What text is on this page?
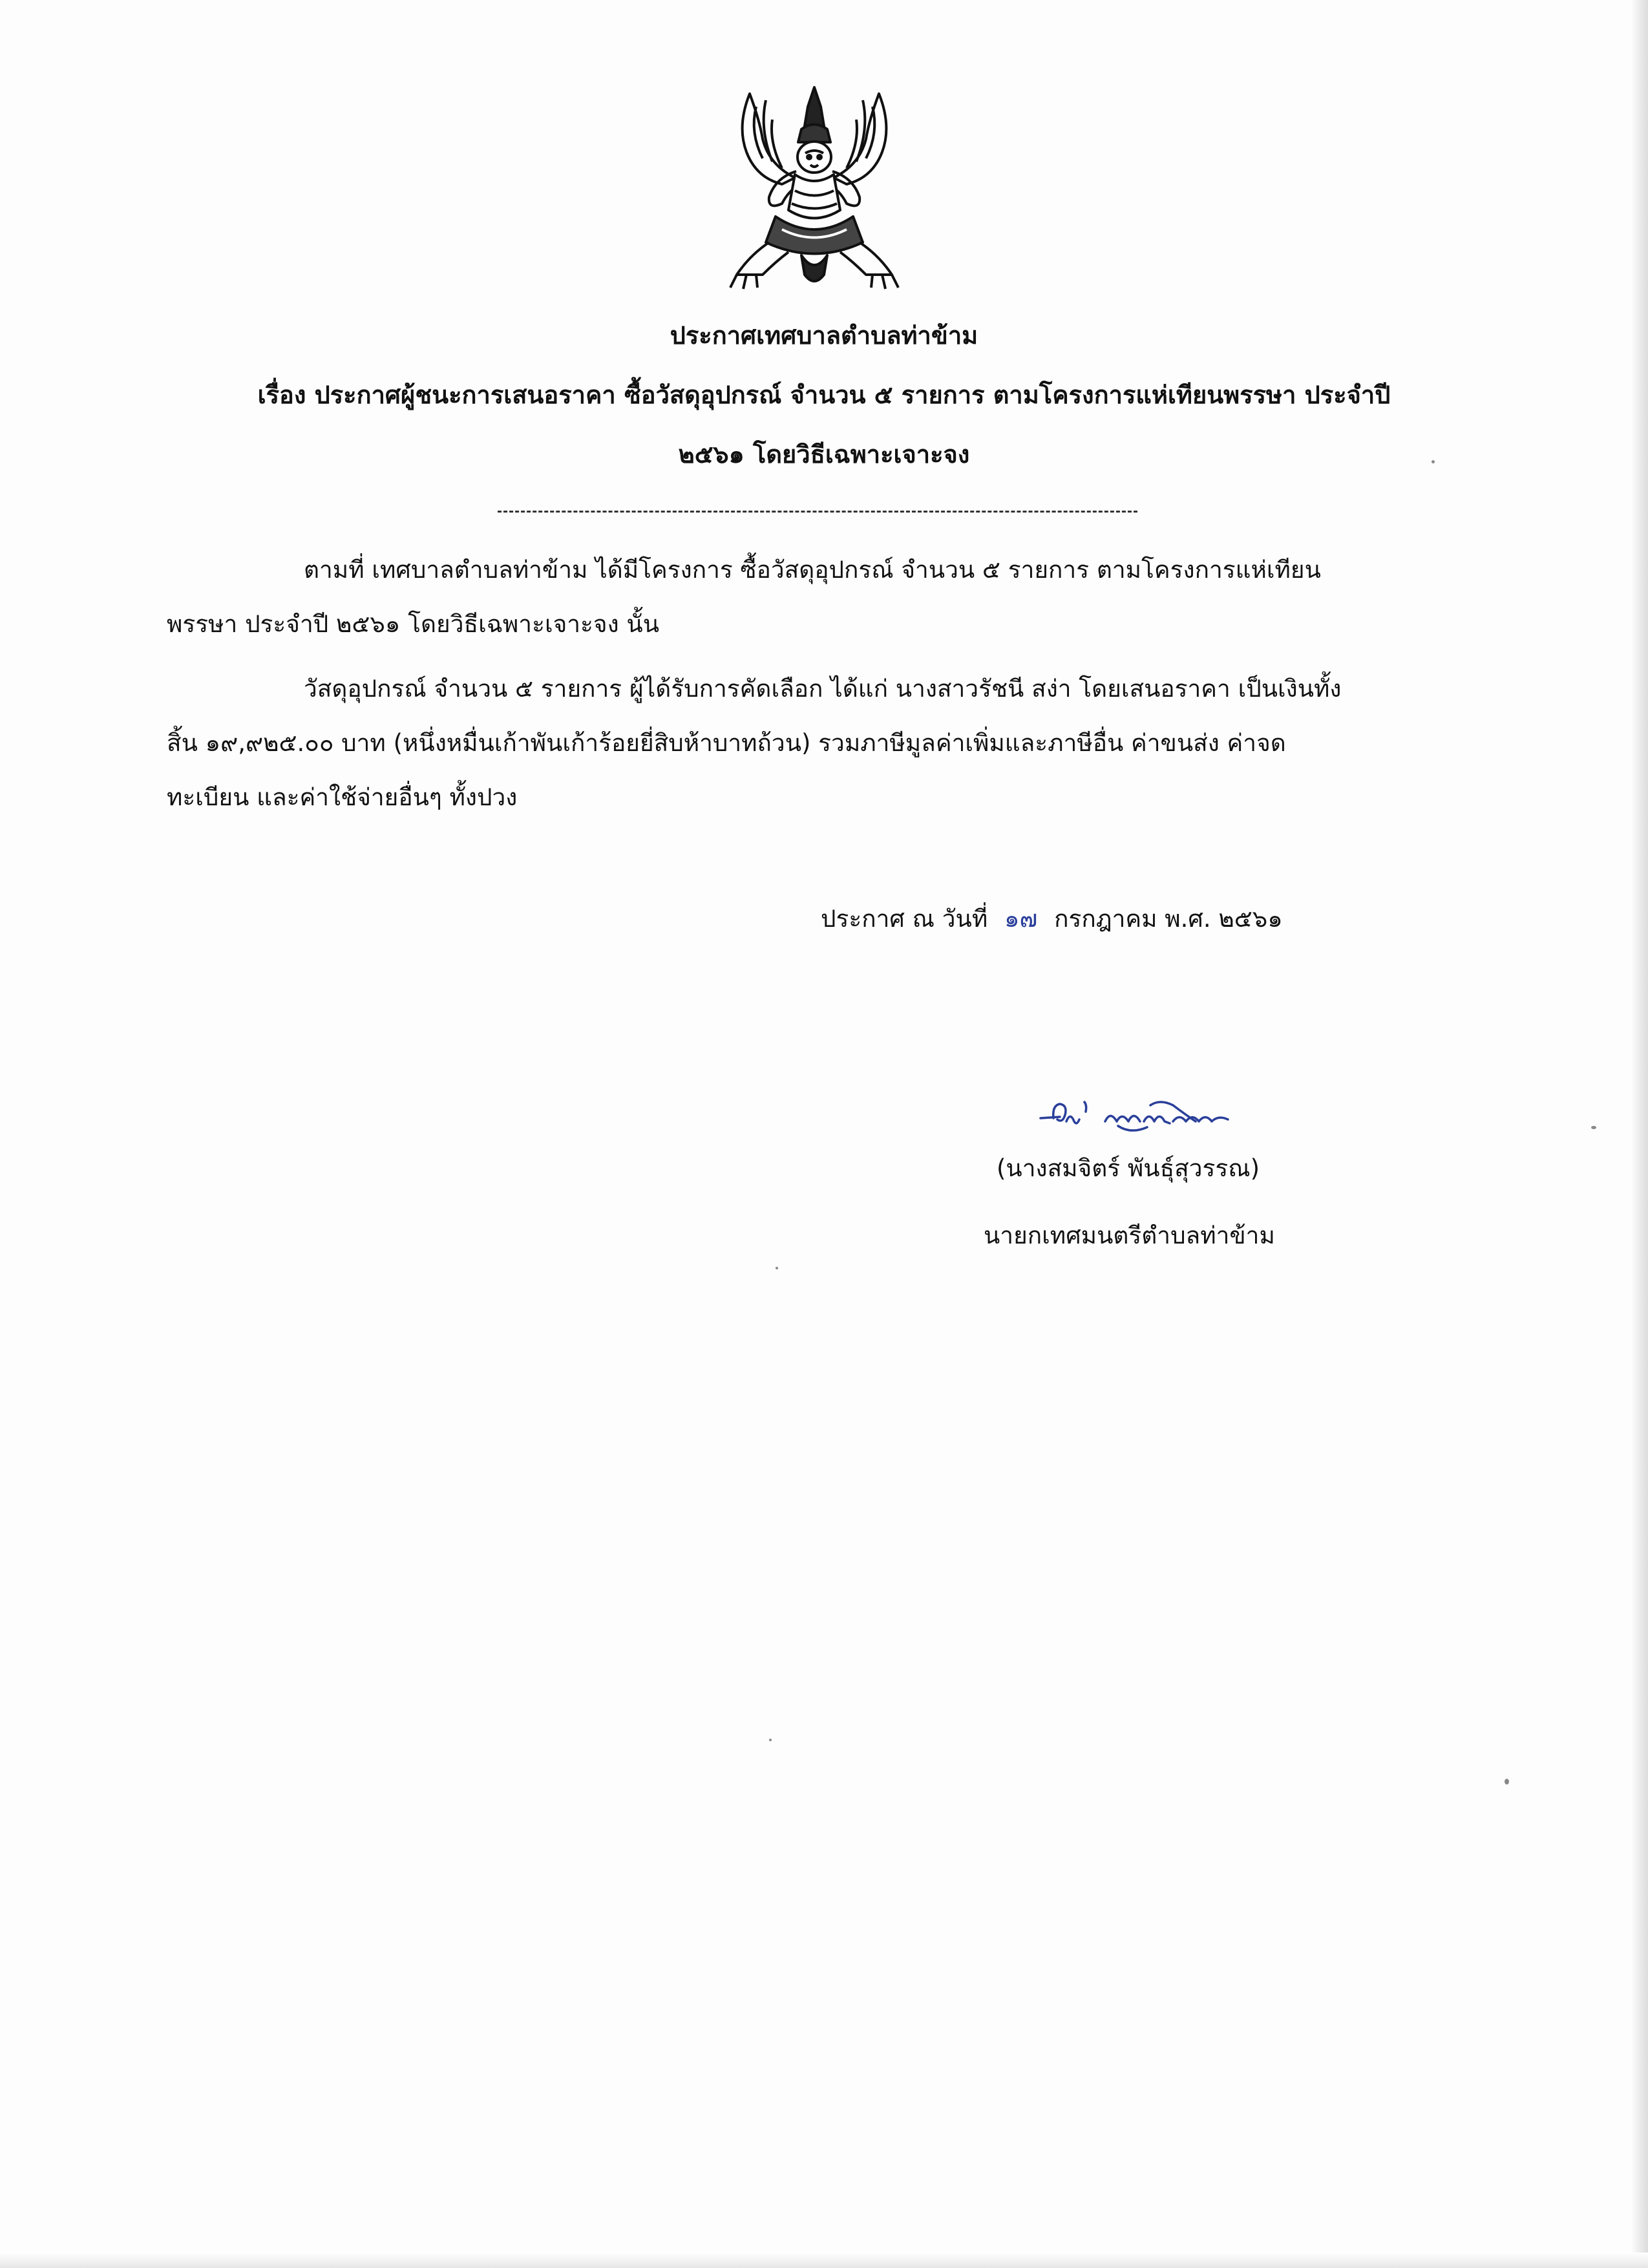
ประกาศเทศบาลตำบลท่าข้าม
เรื่อง ประกาศผู้ชนะการเสนอราคา ซื้อวัสดุอุปกรณ์ จำนวน ๕ รายการ ตามโครงการแห่เทียนพรรษา ประจำปี
๒๕๖๑ โดยวิธีเฉพาะเจาะจง
ตามที่ เทศบาลตำบลท่าข้าม ได้มีโครงการ ซื้อวัสดุอุปกรณ์ จำนวน ๕ รายการ ตามโครงการแห่เทียน
พรรษา ประจำปี ๒๕๖๑ โดยวิธีเฉพาะเจาะจง นั้น
วัสดุอุปกรณ์ จำนวน ๕ รายการ ผู้ได้รับการคัดเลือก ได้แก่ นางสาวรัชนี สง่า โดยเสนอราคา เป็นเงินทั้ง
สิ้น ๑๙,๙๒๕.๐๐ บาท (หนึ่งหมื่นเก้าพันเก้าร้อยยี่สิบห้าบาทถ้วน) รวมภาษีมูลค่าเพิ่มและภาษีอื่น ค่าขนส่ง ค่าจด
ทะเบียน และค่าใช้จ่ายอื่นๆ ทั้งปวง
ประกาศ ณ วันที่ ๑๗ กรกฎาคม พ.ศ. ๒๕๖๑
(นางสมจิตร์ พันธุ์สุวรรณ)
นายกเทศมนตรีตำบลท่าข้าม
